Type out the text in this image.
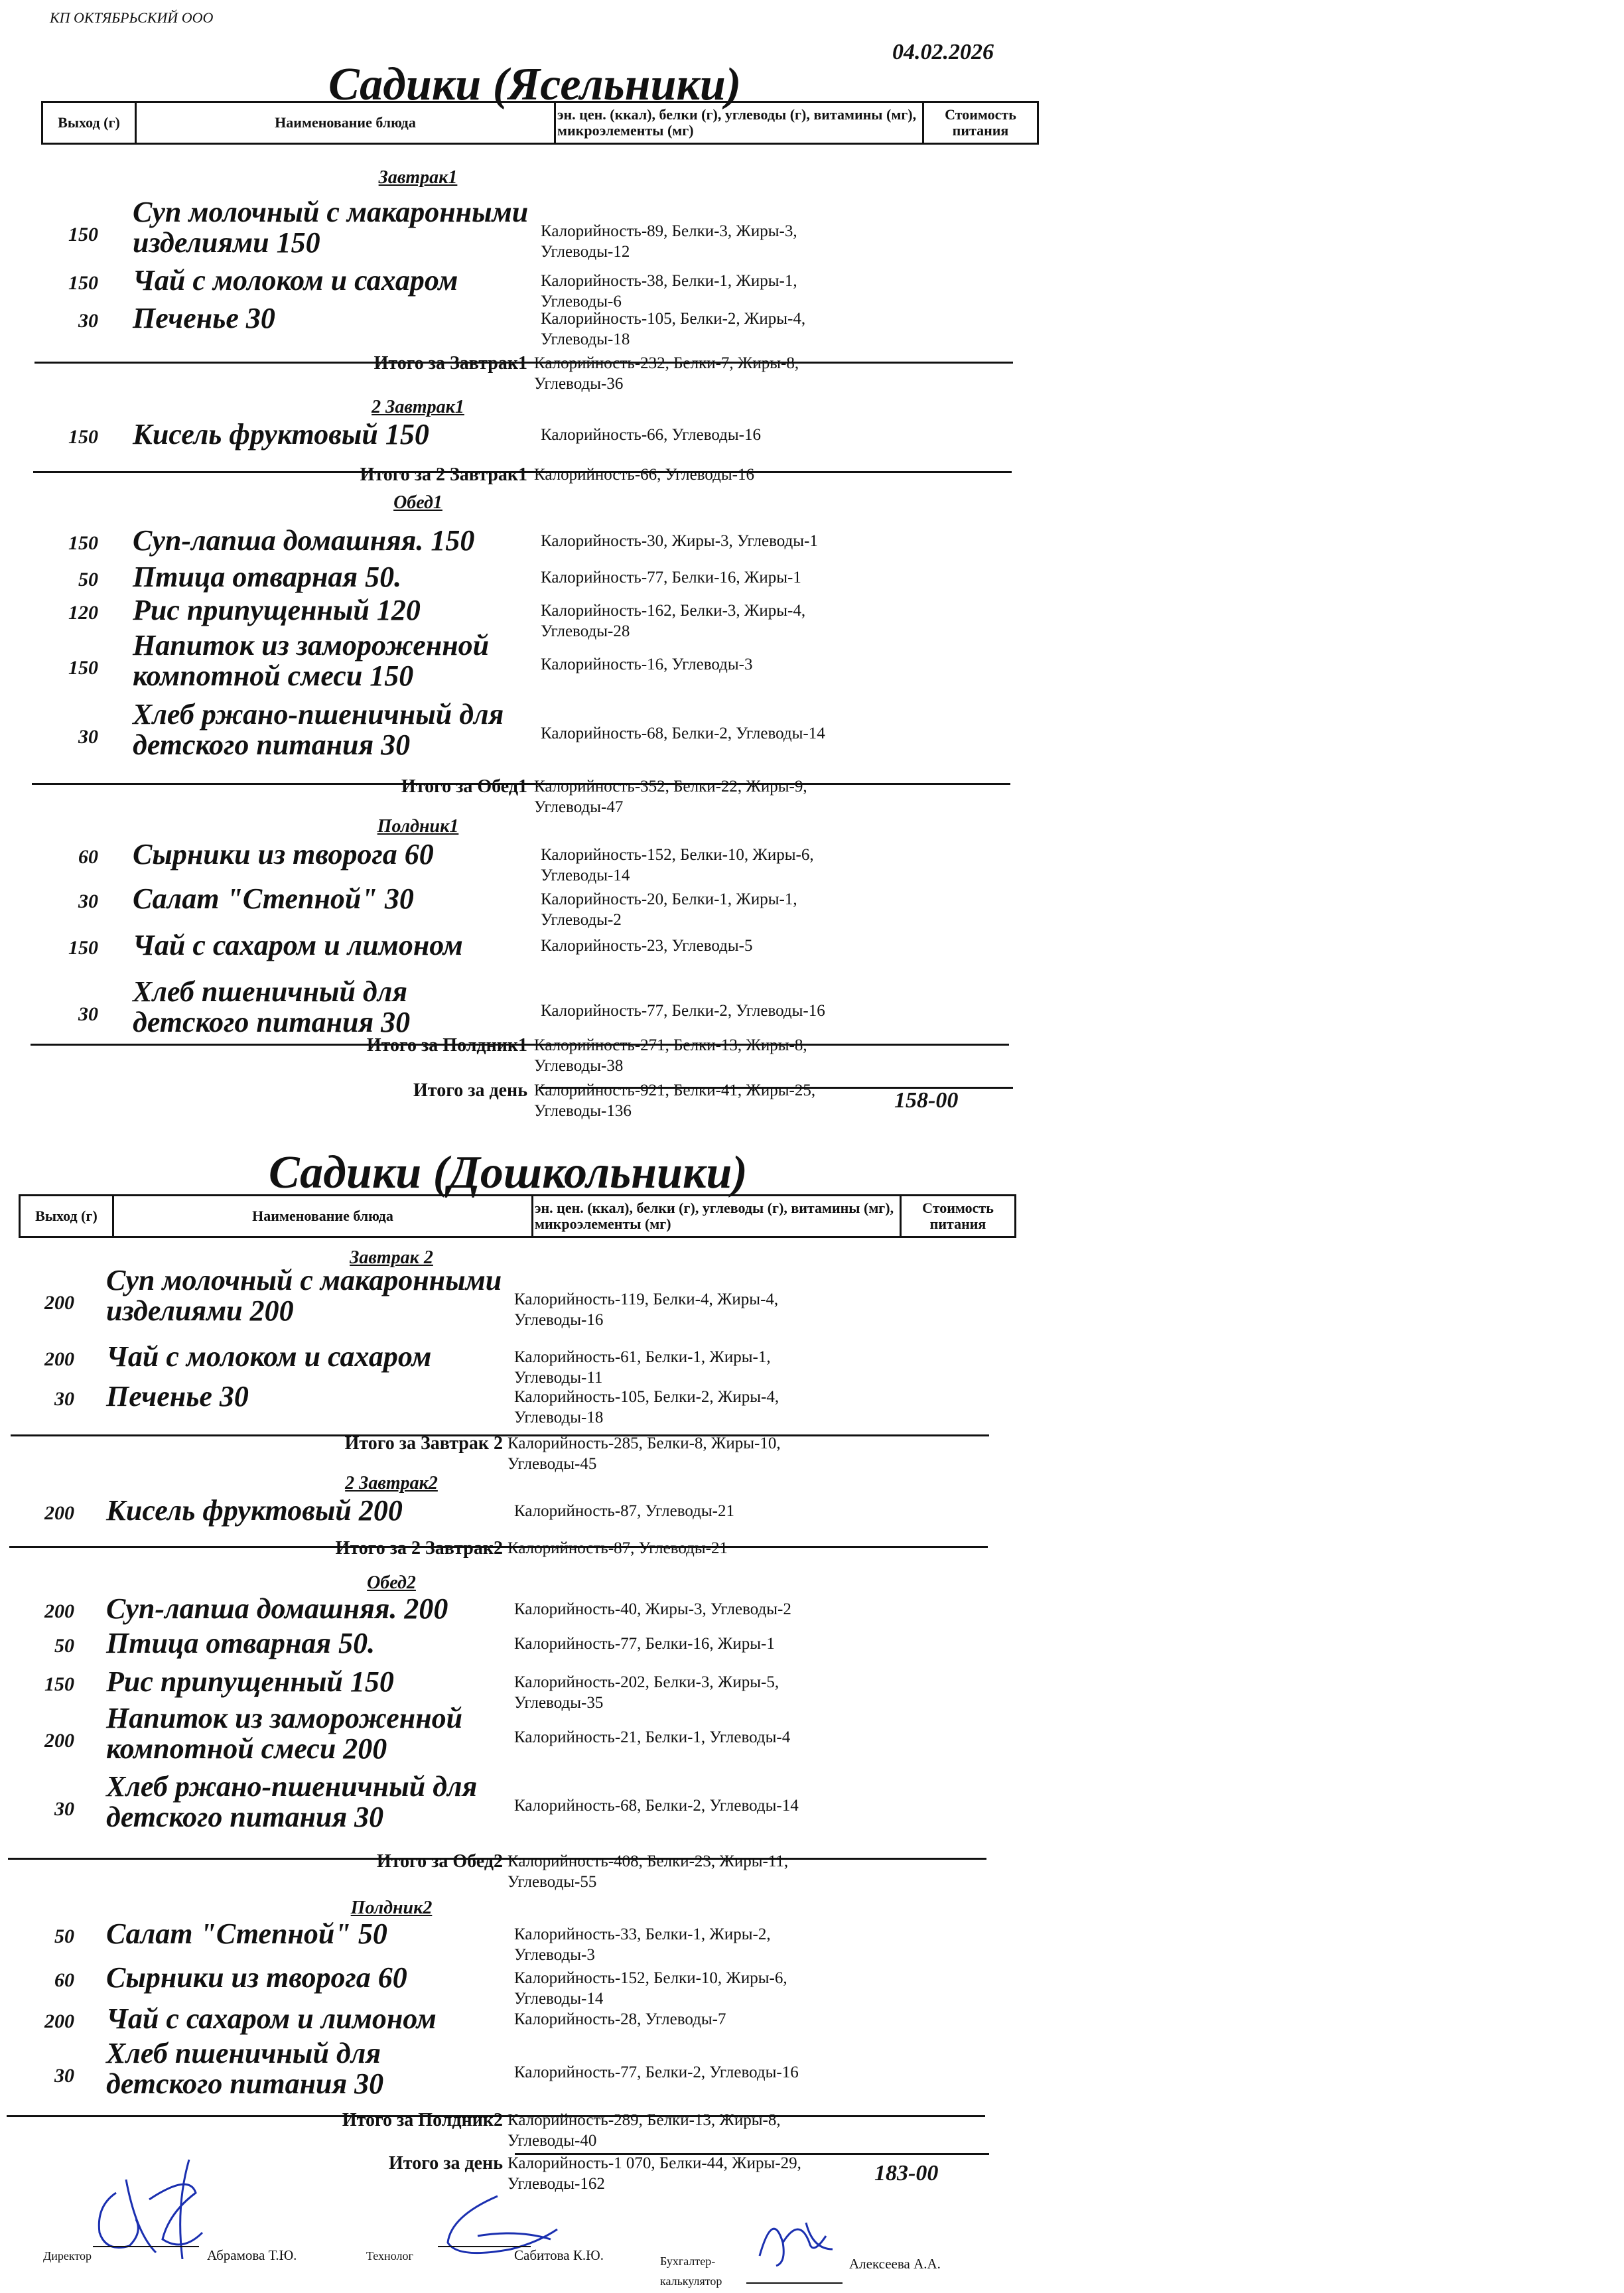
КП ОКТЯБРЬСКИЙ ООО
04.02.2026
Садики (Ясельники)
Выход (г)	Наименование блюда	эн. цен. (ккал), белки (г), углеводы (г), витамины (мг), микроэлементы (мг)	Стоимость питания
Завтрак1
150
Суп молочный с макаронными изделиями 150	Калорийность-89, Белки-3, Жиры-3, Углеводы-12
150 Чай с молоком и сахаром	Калорийность-38, Белки-1, Жиры-1, Углеводы-6
30 Печенье 30	Калорийность-105, Белки-2, Жиры-4, Углеводы-18
Итого за Завтрак1 Калорийность-232, Белки-7, Жиры-8, Углеводы-36
2 Завтрак1
150 Кисель фруктовый 150	Калорийность-66, Углеводы-16
Итого за 2 Завтрак1 Калорийность-66, Углеводы-16
Обед1
150 Суп-лапша домашняя. 150	Калорийность-30, Жиры-3, Углеводы-1
50 Птица отварная 50.	Калорийность-77, Белки-16, Жиры-1
120 Рис припущенный 120	Калорийность-162, Белки-3, Жиры-4, Углеводы-28
150
Напиток из замороженной компотной смеси 150	Калорийность-16, Углеводы-3
30
Хлеб ржано-пшеничный для детского питания 30	Калорийность-68, Белки-2, Углеводы-14
Итого за Обед1 Калорийность-352, Белки-22, Жиры-9, Углеводы-47
Полдник1
60 Сырники из творога 60	Калорийность-152, Белки-10, Жиры-6, Углеводы-14
30 Салат "Степной" 30	Калорийность-20, Белки-1, Жиры-1, Углеводы-2
150 Чай с сахаром и лимоном	Калорийность-23, Углеводы-5
30
Хлеб пшеничный для детского питания 30	Калорийность-77, Белки-2, Углеводы-16
Итого за Полдник1 Калорийность-271, Белки-13, Жиры-8, Углеводы-38
Итого за день Калорийность-921, Белки-41, Жиры-25, Углеводы-136	158-00
Садики (Дошкольники)
Выход (г)	Наименование блюда	эн. цен. (ккал), белки (г), углеводы (г), витамины (мг), микроэлементы (мг)	Стоимость питания
Завтрак 2
200
Суп молочный с макаронными изделиями 200	Калорийность-119, Белки-4, Жиры-4, Углеводы-16
200 Чай с молоком и сахаром	Калорийность-61, Белки-1, Жиры-1, Углеводы-11
30 Печенье 30	Калорийность-105, Белки-2, Жиры-4, Углеводы-18
Итого за Завтрак 2 Калорийность-285, Белки-8, Жиры-10, Углеводы-45
2 Завтрак2
200 Кисель фруктовый 200	Калорийность-87, Углеводы-21
Итого за 2 Завтрак2 Калорийность-87, Углеводы-21
Обед2
200 Суп-лапша домашняя. 200	Калорийность-40, Жиры-3, Углеводы-2
50 Птица отварная 50.	Калорийность-77, Белки-16, Жиры-1
150 Рис припущенный 150	Калорийность-202, Белки-3, Жиры-5, Углеводы-35
200
Напиток из замороженной компотной смеси 200	Калорийность-21, Белки-1, Углеводы-4
30
Хлеб ржано-пшеничный для детского питания 30	Калорийность-68, Белки-2, Углеводы-14
Итого за Обед2 Калорийность-408, Белки-23, Жиры-11, Углеводы-55
Полдник2
50 Салат "Степной" 50	Калорийность-33, Белки-1, Жиры-2, Углеводы-3
60 Сырники из творога 60	Калорийность-152, Белки-10, Жиры-6, Углеводы-14
200 Чай с сахаром и лимоном	Калорийность-28, Углеводы-7
30
Хлеб пшеничный для детского питания 30	Калорийность-77, Белки-2, Углеводы-16
Итого за Полдник2 Калорийность-289, Белки-13, Жиры-8, Углеводы-40
Итого за день Калорийность-1 070, Белки-44, Жиры-29, Углеводы-162	183-00
Директор	Абрамова Т.Ю.	Технолог	Сабитова К.Ю.	Бухгалтер-калькулятор
Алексеева А.А.
